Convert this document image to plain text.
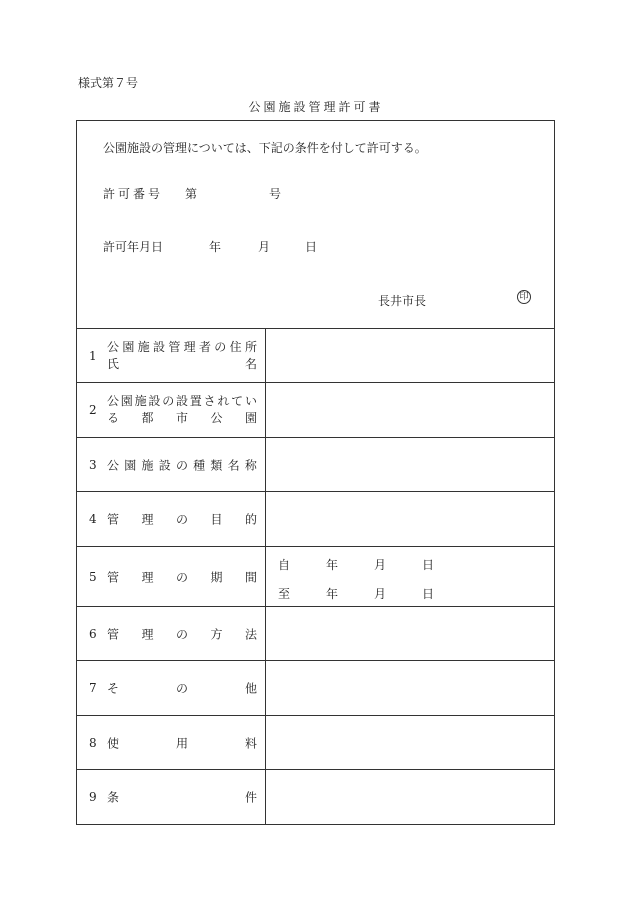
様式第７号
公園施設管理許可書
公園施設の管理については、下記の条件を付して許可する。
許可番号 第	号
許可年月日	年	月	日
長井市長	印
1
公 園 施 設 管 理 者 の 住 所
氏	名
2
公 園 施 設 の 設 置 さ れ て い
る 都 市 公 園
3 公 園 施 設 の 種 類 名 称
4 管 理 の 目 的
5 管 理 の 期 間
自	年	月	日
至	年	月	日
6 管 理 の 方 法
7 そ	の	他
8 使	用	料
9 条	件
